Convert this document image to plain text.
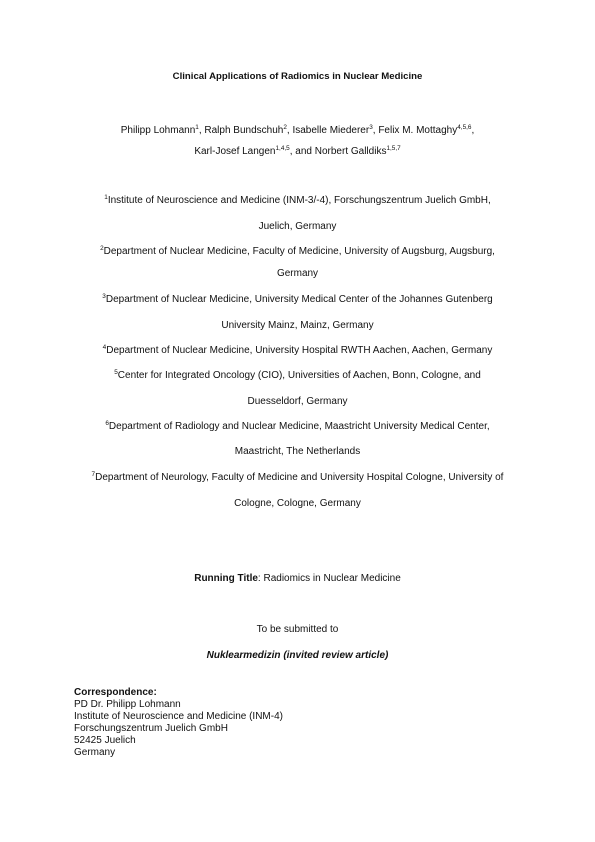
Clinical Applications of Radiomics in Nuclear Medicine
Philipp Lohmann$^1$, Ralph Bundschuh$^2$, Isabelle Miederer$^3$, Felix M. Mottaghy$^{4,5,6}$,
Karl-Josef Langen$^{1,4,5}$, and Norbert Galldiks$^{1,5,7}$
$^1$Institute of Neuroscience and Medicine (INM-3/-4), Forschungszentrum Juelich GmbH,
Juelich, Germany
$^2$Department of Nuclear Medicine, Faculty of Medicine, University of Augsburg, Augsburg,
Germany
$^3$Department of Nuclear Medicine, University Medical Center of the Johannes Gutenberg
University Mainz, Mainz, Germany
$^4$Department of Nuclear Medicine, University Hospital RWTH Aachen, Aachen, Germany
$^5$Center for Integrated Oncology (CIO), Universities of Aachen, Bonn, Cologne, and
Duesseldorf, Germany
$^6$Department of Radiology and Nuclear Medicine, Maastricht University Medical Center,
Maastricht, The Netherlands
$^7$Department of Neurology, Faculty of Medicine and University Hospital Cologne, University of
Cologne, Cologne, Germany
Running Title: Radiomics in Nuclear Medicine
To be submitted to
Nuklearmedizin (invited review article)
Correspondence:
PD Dr. Philipp Lohmann
Institute of Neuroscience and Medicine (INM-4)
Forschungszentrum Juelich GmbH
52425 Juelich
Germany
